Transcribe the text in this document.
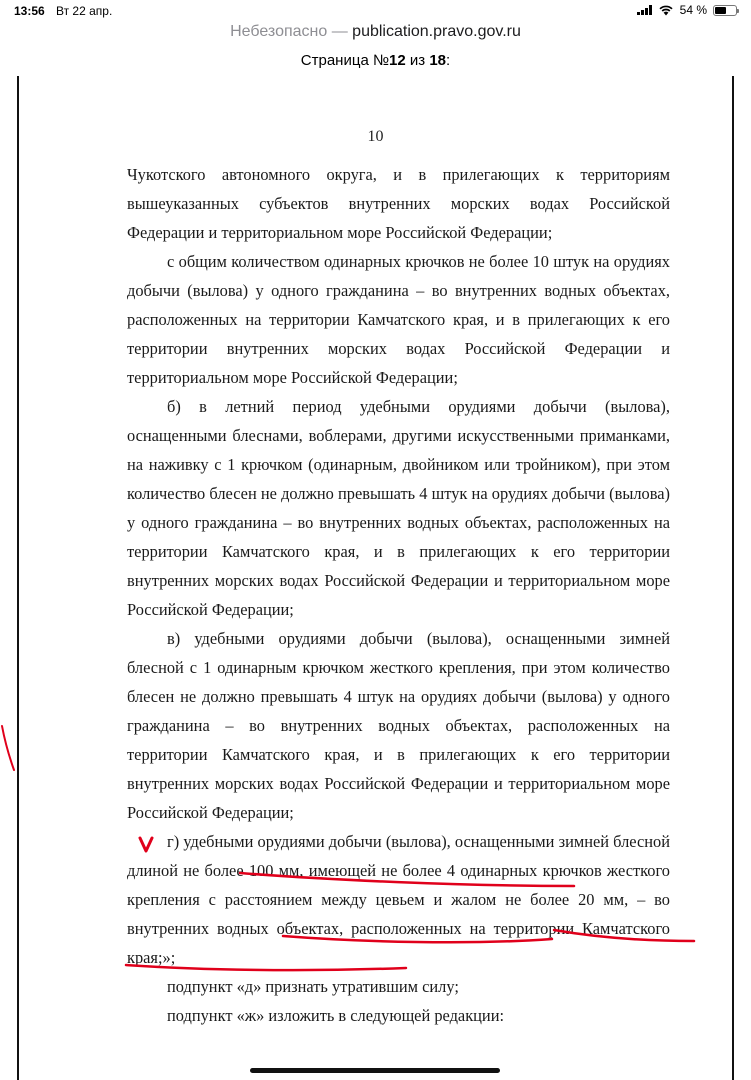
13:56 Вт 22 апр.	54 %
Небезопасно — publication.pravo.gov.ru
Страница №12 из 18:
10

Чукотского автономного округа, и в прилегающих к территориям вышеуказанных субъектов внутренних морских водах Российской Федерации и территориальном море Российской Федерации;

с общим количеством одинарных крючков не более 10 штук на орудиях добычи (вылова) у одного гражданина – во внутренних водных объектах, расположенных на территории Камчатского края, и в прилегающих к его территории внутренних морских водах Российской Федерации и территориальном море Российской Федерации;

б) в летний период удебными орудиями добычи (вылова), оснащенными блеснами, воблерами, другими искусственными приманками, на наживку с 1 крючком (одинарным, двойником или тройником), при этом количество блесен не должно превышать 4 штук на орудиях добычи (вылова) у одного гражданина – во внутренних водных объектах, расположенных на территории Камчатского края, и в прилегающих к его территории внутренних морских водах Российской Федерации и территориальном море Российской Федерации;

в) удебными орудиями добычи (вылова), оснащенными зимней блесной с 1 одинарным крючком жесткого крепления, при этом количество блесен не должно превышать 4 штук на орудиях добычи (вылова) у одного гражданина – во внутренних водных объектах, расположенных на территории Камчатского края, и в прилегающих к его территории внутренних морских водах Российской Федерации и территориальном море Российской Федерации;

г) удебными орудиями добычи (вылова), оснащенными зимней блесной длиной не более 100 мм, имеющей не более 4 одинарных крючков жесткого крепления с расстоянием между цевьем и жалом не более 20 мм, – во внутренних водных объектах, расположенных на территории Камчатского края;»;

подпункт «д» признать утратившим силу;

подпункт «ж» изложить в следующей редакции:
